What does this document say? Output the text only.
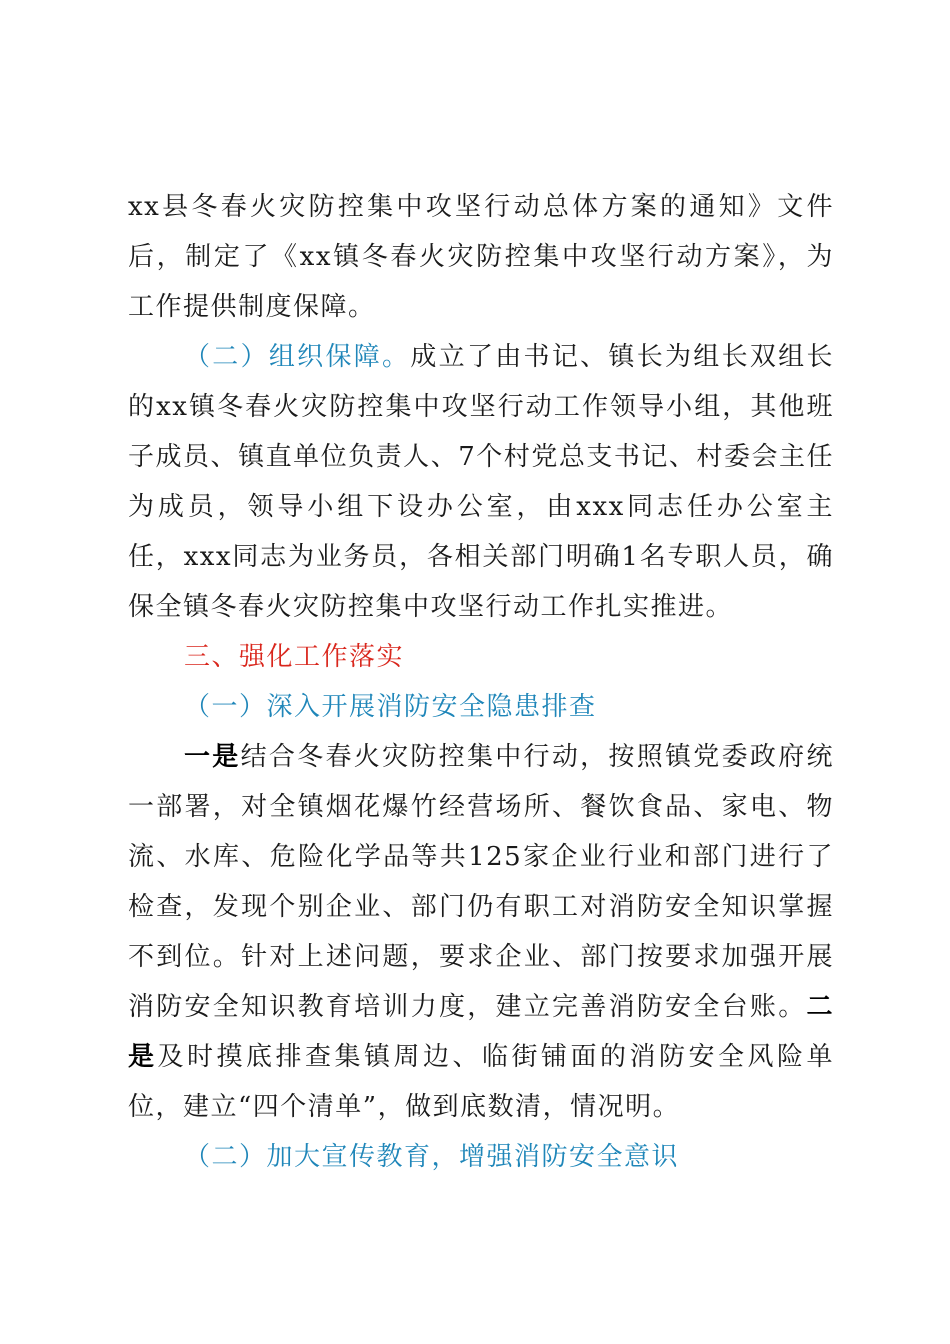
xx县冬春火灾防控集中攻坚行动总体方案的通知》文件后，制定了《xx镇冬春火灾防控集中攻坚行动方案》，为工作提供制度保障。

（二）组织保障。成立了由书记、镇长为组长双组长的xx镇冬春火灾防控集中攻坚行动工作领导小组，其他班子成员、镇直单位负责人、7个村党总支书记、村委会主任为成员，领导小组下设办公室，由xxx同志任办公室主任，xxx同志为业务员，各相关部门明确1名专职人员，确保全镇冬春火灾防控集中攻坚行动工作扎实推进。

三、强化工作落实

（一）深入开展消防安全隐患排查

一是结合冬春火灾防控集中行动，按照镇党委政府统一部署，对全镇烟花爆竹经营场所、餐饮食品、家电、物流、水库、危险化学品等共125家企业行业和部门进行了检查，发现个别企业、部门仍有职工对消防安全知识掌握不到位。针对上述问题，要求企业、部门按要求加强开展消防安全知识教育培训力度，建立完善消防安全台账。二是及时摸底排查集镇周边、临街铺面的消防安全风险单位，建立“四个清单”，做到底数清，情况明。

（二）加大宣传教育，增强消防安全意识
